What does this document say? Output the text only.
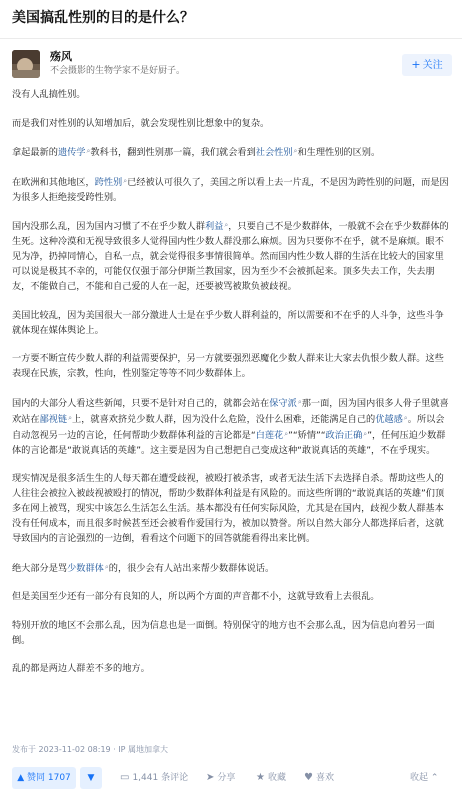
美国搞乱性别的目的是什么？
殇风
不会摄影的生物学家不是好厨子。	+ 关注

没有人乱搞性别。

而是我们对性别的认知增加后，就会发现性别比想象中的复杂。

拿起最新的遗传学⌕教科书，翻到性别那一篇，我们就会看到社会性别⌕和生理性别的区别。

在欧洲和其他地区，跨性别⌕已经被认可很久了，美国之所以看上去一片乱，不是因为跨性别的问题，而是因为很多人拒绝接受跨性别。

国内没那么乱，因为国内习惯了不在乎少数人群利益⌕，只要自己不是少数群体，一般就不会在乎少数群体的生死。这种冷漠和无视导致很多人觉得国内性少数人群没那么麻烦。因为只要你不在乎，就不是麻烦。眼不见为净，扔掉同情心，自私一点，就会觉得很多事情很简单。然而国内性少数人群的生活在比较大的国家里可以说是极其不幸的，可能仅仅强于部分伊斯兰教国家，因为至少不会被抓起来。顶多失去工作，失去朋友，不能做自己，不能和自己爱的人在一起，还要被骂被欺负被歧视。

美国比较乱，因为美国很大一部分激进人士是在乎少数人群利益的，所以需要和不在乎的人斗争，这些斗争就体现在媒体舆论上。

一方要不断宣传少数人群的利益需要保护，另一方就要强烈恶魔化少数人群来让大家去仇恨少数人群。这些表现在民族，宗教，性向，性别鉴定等等不同少数群体上。

国内的大部分人看这些新闻，只要不是针对自己的，就都会站在保守派⌕那一面，因为国内很多人骨子里就喜欢站在鄙视链⌕上，就喜欢挤兑少数人群，因为没什么危险，没什么困难，还能满足自己的优越感⌕。所以会自动忽视另一边的言论，任何帮助少数群体利益的言论都是“白莲花⌕”“矫情”“政治正确⌕”，任何压迫少数群体的言论都是“敢说真话的英雄”。这主要是因为自己想把自己变成这种“敢说真话的英雄”，不在乎现实。

现实情况是很多活生生的人每天都在遭受歧视，被殴打被杀害，或者无法生活下去选择自杀。帮助这些人的人往往会被拉入被歧视被殴打的情况，帮助少数群体利益是有风险的。而这些所谓的“敢说真话的英雄”们顶多在网上被骂，现实中该怎么生活怎么生活。基本都没有任何实际风险，尤其是在国内，歧视少数人群基本没有任何成本，而且很多时候甚至还会被看作爱国行为，被加以赞誉。所以自然大部分人都选择后者，这就导致国内的言论强烈的一边倒，看看这个问题下的回答就能看得出来比例。

绝大部分是骂少数群体⌕的，很少会有人站出来帮少数群体说话。

但是美国至少还有一部分有良知的人，所以两个方面的声音都不小，这就导致看上去很乱。

特别开放的地区不会那么乱，因为信息也是一面倒。特别保守的地方也不会那么乱，因为信息向着另一面倒。

乱的都是两边人群差不多的地方。

发布于 2023-11-02 08:19 · IP 属地加拿大
▲ 赞同 1707	▼	▭ 1,441 条评论 ➤ 分享 ★ 收藏 ♥ 喜欢	收起 ⌃
